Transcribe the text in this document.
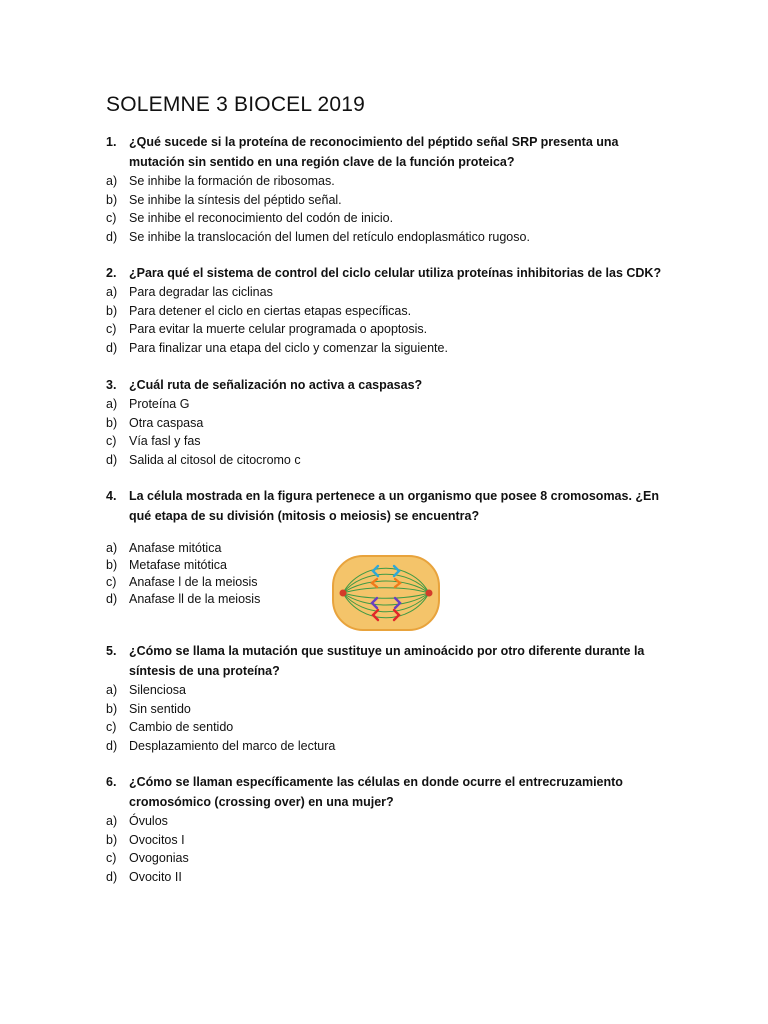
SOLEMNE 3 BIOCEL 2019
1. ¿Qué sucede si la proteína de reconocimiento del péptido señal SRP presenta una mutación sin sentido en una región clave de la función proteica?
a) Se inhibe la formación de ribosomas.
b) Se inhibe la síntesis del péptido señal.
c) Se inhibe el reconocimiento del codón de inicio.
d) Se inhibe la translocación del lumen del retículo endoplasmático rugoso.
2. ¿Para qué el sistema de control del ciclo celular utiliza proteínas inhibitorias de las CDK?
a) Para degradar las ciclinas
b) Para detener el ciclo en ciertas etapas específicas.
c) Para evitar la muerte celular programada o apoptosis.
d) Para finalizar una etapa del ciclo y comenzar la siguiente.
3. ¿Cuál ruta de señalización no activa a caspasas?
a) Proteína G
b) Otra caspasa
c) Vía fasl y fas
d) Salida al citosol de citocromo c
4. La célula mostrada en la figura pertenece a un organismo que posee 8 cromosomas. ¿En qué etapa de su división (mitosis o meiosis) se encuentra?
a) Anafase mitótica
b) Metafase mitótica
c) Anafase l de la meiosis
d) Anafase ll de la meiosis
5. ¿Cómo se llama la mutación que sustituye un aminoácido por otro diferente durante la síntesis de una proteína?
a) Silenciosa
b) Sin sentido
c) Cambio de sentido
d) Desplazamiento del marco de lectura
6. ¿Cómo se llaman específicamente las células en donde ocurre el entrecruzamiento cromosómico (crossing over) en una mujer?
a) Óvulos
b) Ovocitos I
c) Ovogonias
d) Ovocito II
